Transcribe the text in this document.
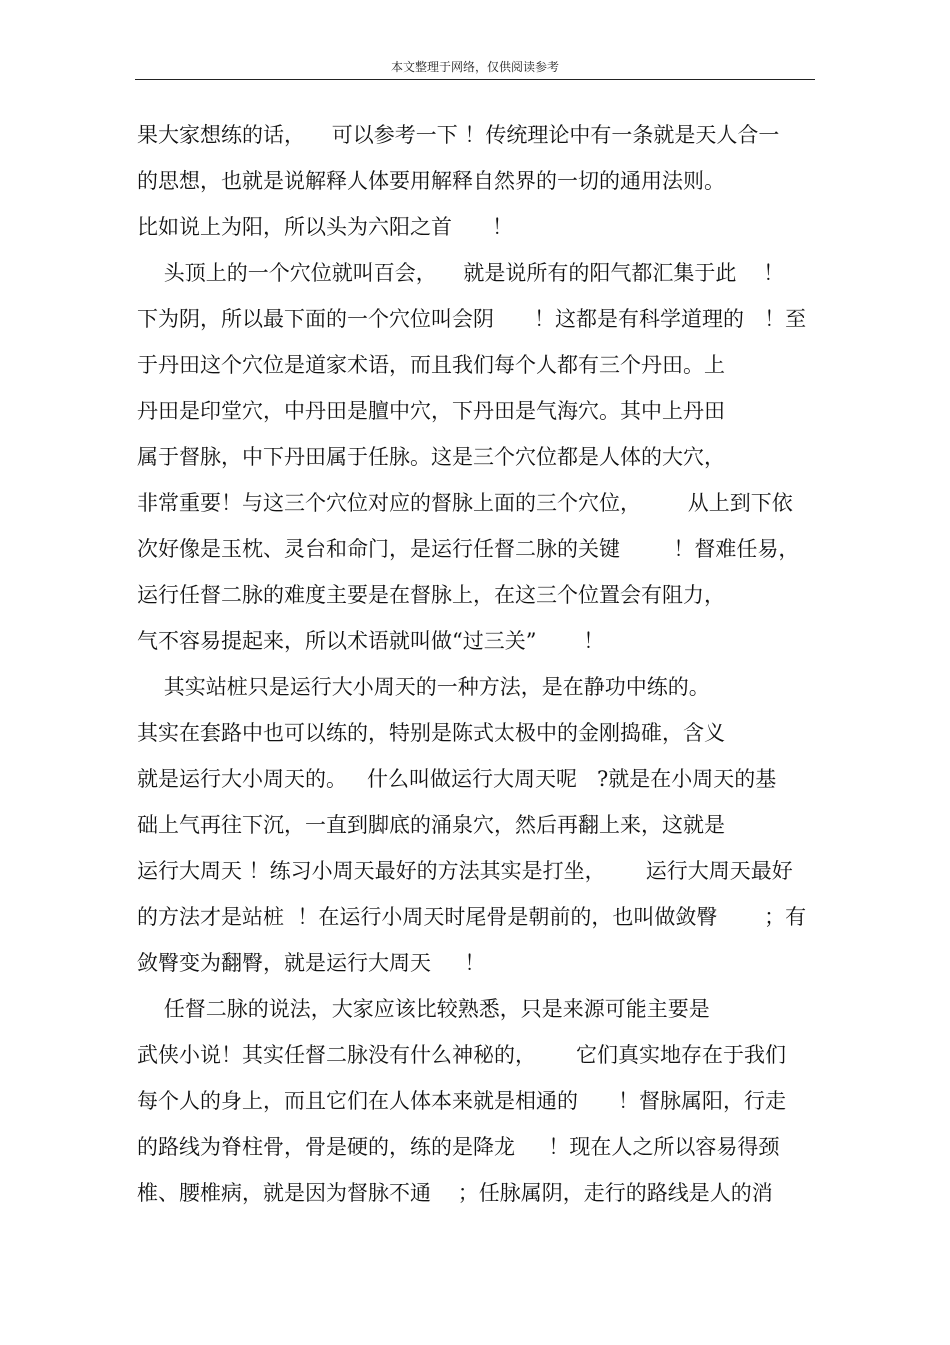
本文整理于网络，仅供阅读参考
果大家想练的话，    可以参考一下 ！传统理论中有一条就是天人合一
的思想，也就是说解释人体要用解释自然界的一切的通用法则。
比如说上为阳，所以头为六阳之首      ！
头顶上的一个穴位就叫百会，    就是说所有的阳气都汇集于此    ！
下为阴，所以最下面的一个穴位叫会阴      ！这都是有科学道理的   ！至
于丹田这个穴位是道家术语，而且我们每个人都有三个丹田。上
丹田是印堂穴，中丹田是膻中穴，下丹田是气海穴。其中上丹田
属于督脉，中下丹田属于任脉。这是三个穴位都是人体的大穴，
非常重要！与这三个穴位对应的督脉上面的三个穴位，       从上到下依
次好像是玉枕、灵台和命门，是运行任督二脉的关键        ！督难任易，
运行任督二脉的难度主要是在督脉上，在这三个位置会有阻力，
气不容易提起来，所以术语就叫做“过三关”       ！
其实站桩只是运行大小周天的一种方法，是在静功中练的。
其实在套路中也可以练的，特别是陈式太极中的金刚捣碓，含义
就是运行大小周天的。   什么叫做运行大周天呢   ?就是在小周天的基
础上气再往下沉，一直到脚底的涌泉穴，然后再翻上来，这就是
运行大周天 ！练习小周天最好的方法其实是打坐，      运行大周天最好
的方法才是站桩  ！在运行小周天时尾骨是朝前的，也叫做敛臀       ；有
敛臀变为翻臀，就是运行大周天     ！
任督二脉的说法，大家应该比较熟悉，只是来源可能主要是
武侠小说！其实任督二脉没有什么神秘的，      它们真实地存在于我们
每个人的身上，而且它们在人体本来就是相通的      ！督脉属阳，行走
的路线为脊柱骨，骨是硬的，练的是降龙     ！现在人之所以容易得颈
椎、腰椎病，就是因为督脉不通    ；任脉属阴，走行的路线是人的消
